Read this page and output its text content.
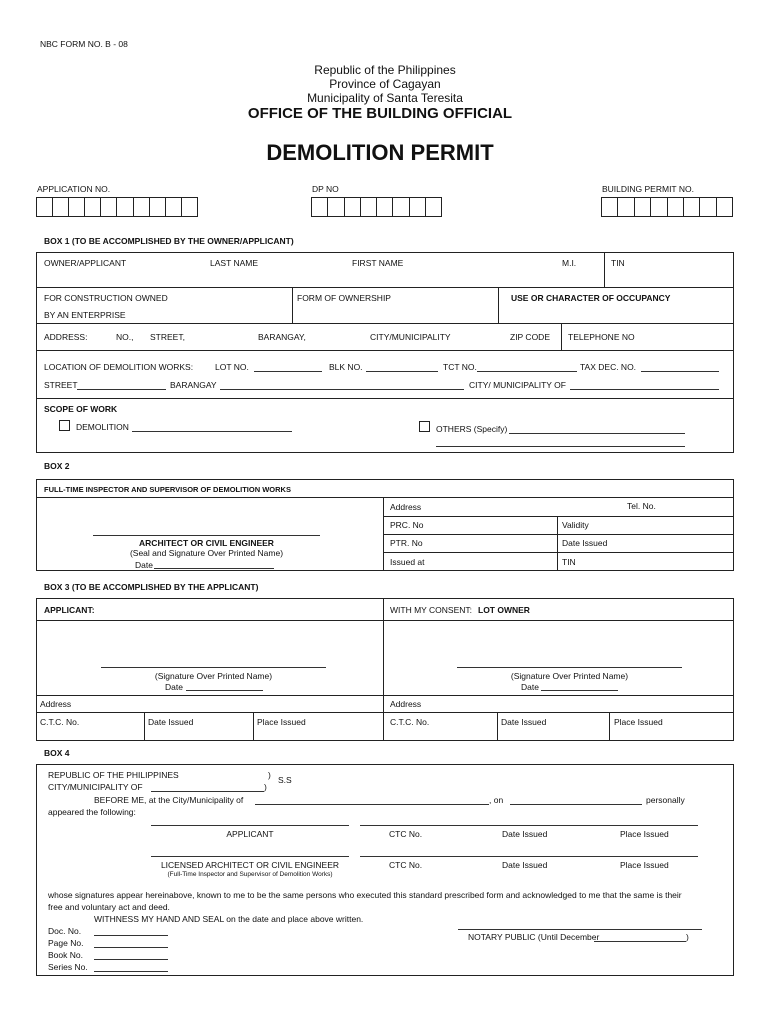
NBC FORM NO. B - 08
Republic of the Philippines
Province of Cagayan
Municipality of Santa Teresita
OFFICE OF THE BUILDING OFFICIAL
DEMOLITION PERMIT
APPLICATION NO.	DP NO	BUILDING PERMIT NO.
BOX 1 (TO BE ACCOMPLISHED BY THE OWNER/APPLICANT)
OWNER/APPLICANT	LAST NAME	FIRST NAME	M.I.	TIN
FOR CONSTRUCTION OWNED
BY AN ENTERPRISE
FORM OF OWNERSHIP	USE OR CHARACTER OF OCCUPANCY
ADDRESS:	NO., STREET,	BARANGAY,	CITY/MUNICIPALITY	ZIP CODE TELEPHONE NO
LOCATION OF DEMOLITION WORKS:	LOT NO.	BLK NO.	TCT NO.	TAX DEC. NO.
STREET	BARANGAY	CITY/ MUNICIPALITY OF
SCOPE OF WORK
DEMOLITION	OTHERS (Specify)
BOX 2
FULL-TIME INSPECTOR AND SUPERVISOR OF DEMOLITION WORKS
Address	Tel. No.
PRC. No	Validity
PTR. No	Date Issued
Issued at	TIN
ARCHITECT OR CIVIL ENGINEER
(Seal and Signature Over Printed Name)
Date
BOX 3 (TO BE ACCOMPLISHED BY THE APPLICANT)
APPLICANT:	WITH MY CONSENT: LOT OWNER
(Signature Over Printed Name)
Date
(Signature Over Printed Name)
Date
Address	Address
C.T.C. No.	Date Issued	Place Issued	C.T.C. No.	Date Issued	Place Issued
BOX 4
REPUBLIC OF THE PHILIPPINES	) S.S
CITY/MUNICIPALITY OF	)
BEFORE ME, at the City/Municipality of	, on	personally
appeared the following:
APPLICANT	CTC No.	Date Issued	Place Issued
LICENSED ARCHITECT OR CIVIL ENGINEER
(Full-Time Inspector and Supervisor of Demolition Works)
CTC No.	Date Issued	Place Issued
whose signatures appear hereinabove, known to me to be the same persons who executed this standard prescribed form and acknowledged to me that the same is their
free and voluntary act and deed.
WITHNESS MY HAND AND SEAL on the date and place above written.
Doc. No.
Page No.
Book No.
Series No.
NOTARY PUBLIC (Until December	)
